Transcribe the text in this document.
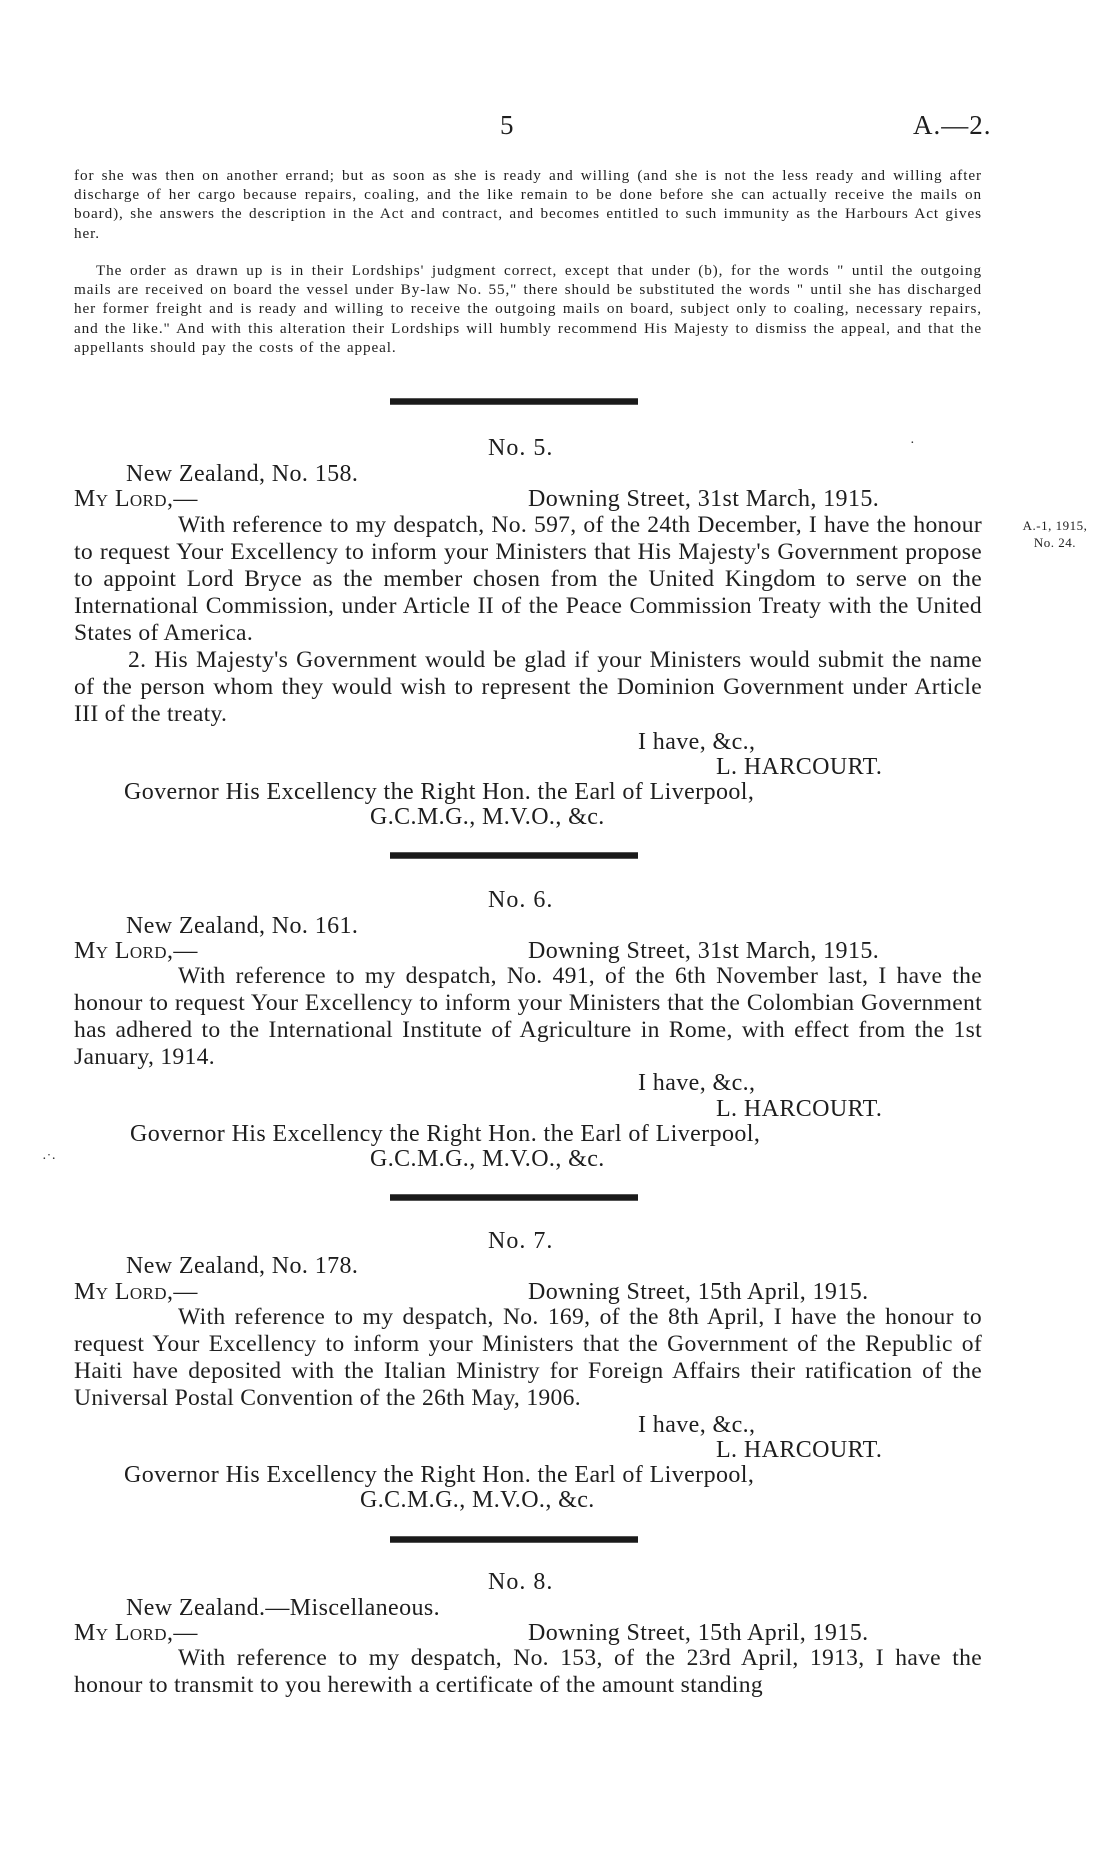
5	A.—2.

for she was then on another errand; but as soon as she is ready and willing (and she is not the less ready and willing after discharge of her cargo because repairs, coaling, and the like remain to be done before she can actually receive the mails on board), she answers the description in the Act and contract, and becomes entitled to such immunity as the Harbours Act gives her.

The order as drawn up is in their Lordships' judgment correct, except that under (b), for the words " until the outgoing mails are received on board the vessel under By-law No. 55," there should be substituted the words " until she has discharged her former freight and is ready and willing to receive the outgoing mails on board, subject only to coaling, necessary repairs, and the like." And with this alteration their Lordships will humbly recommend His Majesty to dismiss the appeal, and that the appellants should pay the costs of the appeal.

·
No. 5.
New Zealand, No. 158.
My Lord,—	Downing Street, 31st March, 1915.

With reference to my despatch, No. 597, of the 24th December, I have the honour to request Your Excellency to inform your Ministers that His Majesty's Government propose to appoint Lord Bryce as the member chosen from the United Kingdom to serve on the International Commission, under Article II of the Peace Commission Treaty with the United States of America.

2. His Majesty's Government would be glad if your Ministers would submit the name of the person whom they would wish to represent the Dominion Government under Article III of the treaty.

I have, &c.,
L. HARCOURT.
Governor His Excellency the Right Hon. the Earl of Liverpool,
G.C.M.G., M.V.O., &c.
A.-1, 1915,
No. 24.
No. 6.
New Zealand, No. 161.
My Lord,—	Downing Street, 31st March, 1915.

With reference to my despatch, No. 491, of the 6th November last, I have the honour to request Your Excellency to inform your Ministers that the Colombian Government has adhered to the International Institute of Agriculture in Rome, with effect from the 1st January, 1914.

I have, &c.,
L. HARCOURT.
Governor His Excellency the Right Hon. the Earl of Liverpool,
G.C.M.G., M.V.O., &c.
·˙·
No. 7.
New Zealand, No. 178.
My Lord,—	Downing Street, 15th April, 1915.

With reference to my despatch, No. 169, of the 8th April, I have the honour to request Your Excellency to inform your Ministers that the Government of the Republic of Haiti have deposited with the Italian Ministry for Foreign Affairs their ratification of the Universal Postal Convention of the 26th May, 1906.

I have, &c.,
L. HARCOURT.
Governor His Excellency the Right Hon. the Earl of Liverpool,
G.C.M.G., M.V.O., &c.
No. 8.
New Zealand.—Miscellaneous.
My Lord,—	Downing Street, 15th April, 1915.

With reference to my despatch, No. 153, of the 23rd April, 1913, I have the honour to transmit to you herewith a certificate of the amount standing
